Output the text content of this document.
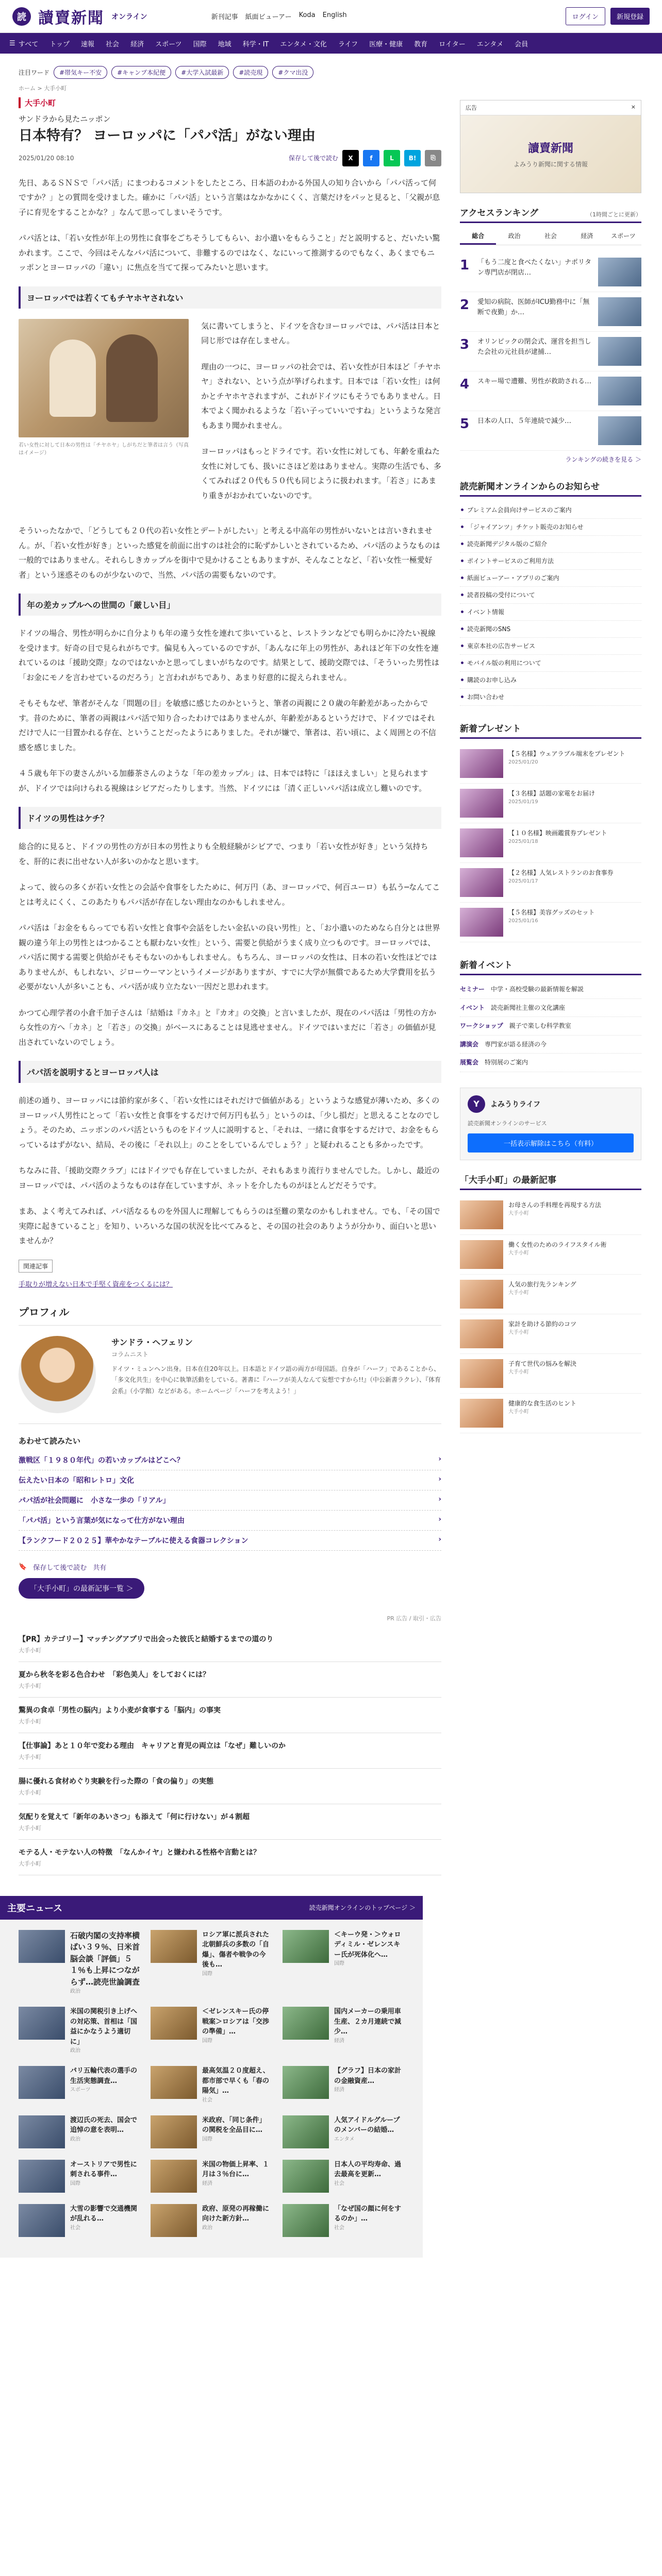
読 讀賣新聞 オンライン	新刊記事 紙面ビューアー Koda English	ログイン	新規登録
☰ すべて トップ 速報 社会 経済 スポーツ 国際 地域 科学・IT エンタメ・文化 ライフ 医療・健康 教育 ロイター エンタメ 会員
注目ワード	#帯気キー不安	#キャンプ本紀便	#大学入試最新	#読売現	#クマ出没
ホーム > 大手小町
大手小町
サンドラから見たニッポン
日本特有？ ヨーロッパに「パパ活」がない理由
2025/01/20 08:10	保存して後で読む	X	f	L	B!	⎘

先日、あるＳＮＳで「パパ活」にまつわるコメントをしたところ、日本語のわかる外国人の知り合いから「パパ活って何ですか？」との質問を受けました。確かに「パパ活」という言葉はなかなかにくく、言葉だけをパッと見ると、「父親が息子に育児をすることかな？」なんて思ってしまいそうです。

パパ活とは、「若い女性が年上の男性に食事をごちそうしてもらい、お小遣いをもらうこと」だと説明すると、だいたい驚かれます。ここで、今回はそんなパパ活について、非難するのではなく、なにいって推測するのでもなく、あくまでもニッポンとヨーロッパの「違い」に焦点を当てて探ってみたいと思います。

ヨーロッパでは若くてもチヤホヤされない
若い女性に対して日本の男性は「チヤホヤ」しがちだと筆者は言う（写真はイメージ）

気に書いてしまうと、ドイツを含むヨーロッパでは、パパ活は日本と同じ形では存在しません。

理由の一つに、ヨーロッパの社会では、若い女性が日本ほど「チヤホヤ」されない、という点が挙げられます。日本では「若い女性」は何かとチヤホヤされますが、これがドイツにもそうでもありません。日本でよく聞かれるような「若い子っていいですね」というような発言もあまり聞かれません。

ヨーロッパはもっとドライです。若い女性に対しても、年齢を重ねた女性に対しても、扱いにさほど差はありません。実際の生活でも、多くてみれば２０代も５０代も同じように扱われます。「若さ」にあまり重きがおかれていないのです。

そういったなかで、「どうしても２０代の若い女性とデートがしたい」と考える中高年の男性がいないとは言いきれません。が、「若い女性が好き」といった感覚を前面に出すのは社会的に恥ずかしいとされているため、パパ活のようなものは一般的ではありません。それらしきカップルを街中で見かけることもありますが、そんなことなど、「若い女性一極愛好者」という迷惑そのものが少ないので、当然、パパ活の需要もないのです。

年の差カップルへの世間の「厳しい目」

ドイツの場合、男性が明らかに自分よりも年の違う女性を連れて歩いていると、レストランなどでも明らかに冷たい視線を受けます。好奇の目で見られがちです。偏見も入っているのですが、「あんなに年上の男性が、あれほど年下の女性を連れているのは「援助交際」なのではないかと思ってしまいがちなのです。結果として、援助交際では、「そういった男性は「お金にモノを言わせているのだろう」と言われがちであり、あまり好意的に捉えられません。

そもそもなぜ、筆者がそんな「問題の目」を敏感に感じたのかというと、筆者の両親に２０歳の年齢差があったからです。昔のために、筆者の両親はパパ活で知り合ったわけではありませんが、年齢差があるというだけで、ドイツではそれだけで人に一目置かれる存在、ということだったようにありました。それが嫌で、筆者は、若い頃に、よく周囲との不信感を感じました。

４５歳も年下の妻さんがいる加藤茶さんのような「年の差カップル」は、日本では特に「ほほえましい」と見られますが、ドイツでは向けられる視線はシビアだったりします。当然、ドイツには「清く正しいパパ活は成立し難いのです。

ドイツの男性はケチ？

総合的に見ると、ドイツの男性の方が日本の男性よりも全般経験がシビアで、つまり「若い女性が好き」という気持ちを、肝的に表に出せない人が多いのかなと思います。

よって、彼らの多くが若い女性との会話や食事をしたために、何万円（あ、ヨーロッパで、何百ユーロ）も払う─なんてことは考えにくく、このあたりもパパ活が存在しない理由なのかもしれません。

パパ活は「お金をもらってでも若い女性と食事や会話をしたい金払いの良い男性」と、「お小遣いのためなら自分とは世界観の違う年上の男性とはつかることも厭わない女性」という、需要と供給がうまく成り立つものです。ヨーロッパでは、パパ活に関する需要と供給がそもそもないのかもしれません。もちろん、ヨーロッパの女性は、日本の若い女性ほどではありませんが、もしれない、ジローウーマンというイメージがありますが、すでに大学が無償であるため大学費用を払う必要がない人が多いことも、パパ活が成り立たない一因だと思われます。

かつて心理学者の小倉千加子さんは「結婚は『カネ』と『カオ』の交換」と言いましたが、現在のパパ活は「男性の方から女性の方へ「カネ」と「若さ」の交換」がベースにあることは見逃せません。ドイツではいまだに「若さ」の価値が見出されていないのでしょう。

パパ活を説明するとヨーロッパ人は

前述の通り、ヨーロッパには節約家が多く、「若い女性にはそれだけで価値がある」というような感覚が薄いため、多くのヨーロッパ人男性にとって「若い女性と食事をするだけで何万円も払う」というのは、「少し損だ」と思えることなのでしょう。そのため、ニッポンのパパ活というものをドイツ人に説明すると、「それは、一緒に食事をするだけで、お金をもらっているはずがない、結局、その後に「それ以上」のことをしているんでしょう？」と疑われることも多かったです。

ちなみに昔、「援助交際クラブ」にはドイツでも存在していましたが、それもあまり流行りませんでした。しかし、最近のヨーロッパでは、パパ活のようなものは存在していますが、ネットを介したものがほとんどだそうです。

まあ、よく考えてみれば、パパ活なるものを外国人に理解してもらうのは至難の業なのかもしれません。でも、「その国で実際に起きていること」を知り、いろいろな国の状況を比べてみると、その国の社会のありようが分かり、面白いと思いませんか？

関連記事
手取りが増えない日本で手堅く資産をつくるには？
プロフィル
サンドラ・ヘフェリン
コラムニスト
ドイツ・ミュンヘン出身。日本在住20年以上。日本語とドイツ語の両方が母国語。自身が「ハーフ」であることから、「多文化共生」を中心に執筆活動をしている。著書に『ハーフが美人なんて妄想ですから!!』（中公新書ラクレ）、『体育会系』（小学館）などがある。ホームページ「ハーフを考えよう！」
あわせて読みたい
激戦区「１９８０年代」の若いカップルはどこへ？	›
伝えたい日本の「昭和レトロ」文化	›
パパ活が社会問題に　小さな一歩の「リアル」	›
「パパ活」という言葉が気になって仕方がない理由	›
【ランクフード２０２５】華やかなテーブルに使える食器コレクション	›
🔖 保存して後で読む 共有
「大手小町」の最新記事一覧 ＞
PR 広告 / 取引・広告
【PR】カテゴリー】マッチングアプリで出会った彼氏と結婚するまでの道のり
大手小町
夏から秋冬を彩る色合わせ　「彩色美人」をしておくには？
大手小町
驚異の食卓「男性の脳内」より小麦が食事する「脳内」の事実
大手小町
【仕事論】あと１０年で変わる理由　キャリアと育児の両立は「なぜ」難しいのか
大手小町
腸に優れる食材めぐり実験を行った際の「食の偏り」の実態
大手小町
気配りを覚えて「新年のあいさつ」も添えて「何に行けない」が４割超
大手小町
モテる人・モテない人の特徴　「なんかイヤ」と嫌われる性格や言動とは？
大手小町
広告	×
讀賣新聞
よみうり新聞に関する情報
アクセスランキング	（1時間ごとに更新）
総合	政治	社会	経済	スポーツ
1	「もう二度と食べたくない」ナポリタン専門店が閉店…
2	愛知の病院、医師がICU勤務中に「無断で夜勤」か…
3	オリンピックの閉会式、運営を担当した会社の元社員が逮捕…
4	スキー場で遭難、男性が救助される…
5	日本の人口、５年連続で減少…
ランキングの続きを見る ＞
読売新聞オンラインからのお知らせ
プレミアム会員向けサービスのご案内
「ジャイアンツ」チケット販売のお知らせ
読売新聞デジタル版のご紹介
ポイントサービスのご利用方法
紙面ビューアー・アプリのご案内
読者投稿の受付について
イベント情報
読売新聞のSNS
東京本社の広告サービス
モバイル版の利用について
購読のお申し込み
お問い合わせ
新着プレゼント
【５名様】ウェアラブル端末をプレゼント
2025/01/20
【３名様】話題の家電をお届け
2025/01/19
【１０名様】映画鑑賞券プレゼント
2025/01/18
【２名様】人気レストランのお食事券
2025/01/17
【５名様】美容グッズのセット
2025/01/16
新着イベント
セミナー　 中学・高校受験の最新情報を解説
イベント　 読売新聞社主催の文化講座
ワークショップ　 親子で楽しむ科学教室
講演会　 専門家が語る経済の今
展覧会　 特別展のご案内
Y	よみうりライフ
読売新聞オンラインのサービス
一括表示解除はこちら（有料）
「大手小町」の最新記事
お母さんの手料理を再現する方法
大手小町
働く女性のためのライフスタイル術
大手小町
人気の旅行先ランキング
大手小町
家計を助ける節約のコツ
大手小町
子育て世代の悩みを解決
大手小町
健康的な食生活のヒント
大手小町
主要ニュース	読売新聞オンラインのトップページ ＞
石破内閣の支持率横ばい３９％、日米首脳会談「評価」５１％も上昇につながらず…読売世論調査
政治
ロシア軍に派兵された北朝鮮兵の多数の「自爆」、傷者や戦争の今後も…
国際
＜キーウ発・＞ウォロディミル・ゼレンスキー氏が死体化へ…
国際
米国の関税引き上げへの対応策、首相は「国益にかなうよう適切に」
政治
＜ゼレンスキー氏の停戦案＞ロシアは「交渉の準備」…
国際
国内メーカーの乗用車生産、２カ月連続で減少…
経済
パリ五輪代表の選手の生活実態調査…
スポーツ
最高気温２０度超え、都市部で早くも「春の陽気」…
社会
【グラフ】日本の家計の金融資産…
経済
渡辺氏の死去、国会で追悼の意を表明…
政治
米政府、「同じ条件」の関税を全品目に…
国際
人気アイドルグループのメンバーの結婚…
エンタメ
オーストリアで男性に刺される事件…
国際
米国の物価上昇率、１月は３％台に…
経済
日本人の平均寿命、過去最高を更新…
社会
大雪の影響で交通機関が乱れる…
社会
政府、原発の再稼働に向けた新方針…
政治
「なぜ国の顔に何をするのか」…
社会
